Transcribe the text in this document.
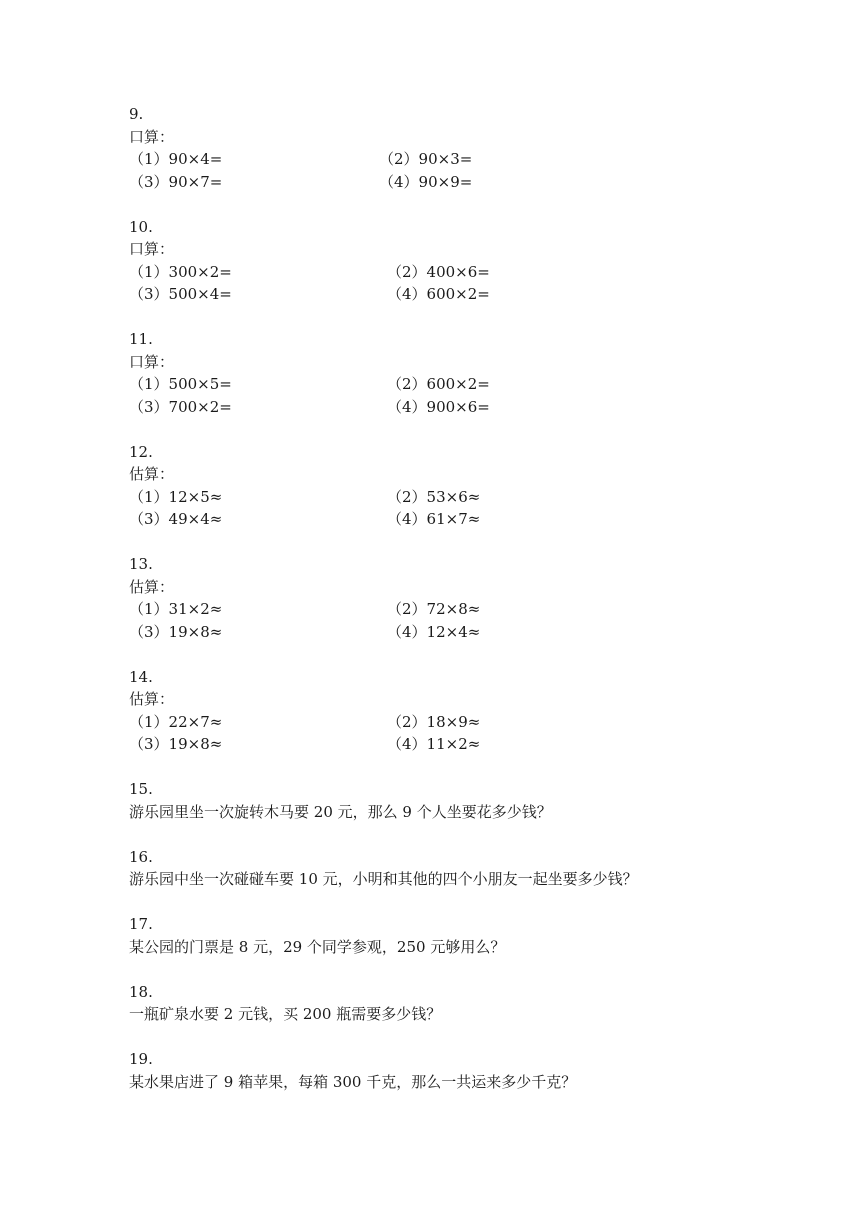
9.
口算：
（1）90×4=	（2）90×3=
（3）90×7=	（4）90×9=
10.
口算：
（1）300×2=	（2）400×6=
（3）500×4=	（4）600×2=
11.
口算：
（1）500×5=	（2）600×2=
（3）700×2=	（4）900×6=
12.
估算：
（1）12×5≈	（2）53×6≈
（3）49×4≈	（4）61×7≈
13.
估算：
（1）31×2≈	（2）72×8≈
（3）19×8≈	（4）12×4≈
14.
估算：
（1）22×7≈	（2）18×9≈
（3）19×8≈	（4）11×2≈
15.
游乐园里坐一次旋转木马要 20 元，那么 9 个人坐要花多少钱？
16.
游乐园中坐一次碰碰车要 10 元，小明和其他的四个小朋友一起坐要多少钱？
17.
某公园的门票是 8 元，29 个同学参观，250 元够用么？
18.
一瓶矿泉水要 2 元钱，买 200 瓶需要多少钱？
19.
某水果店进了 9 箱苹果，每箱 300 千克，那么一共运来多少千克？
